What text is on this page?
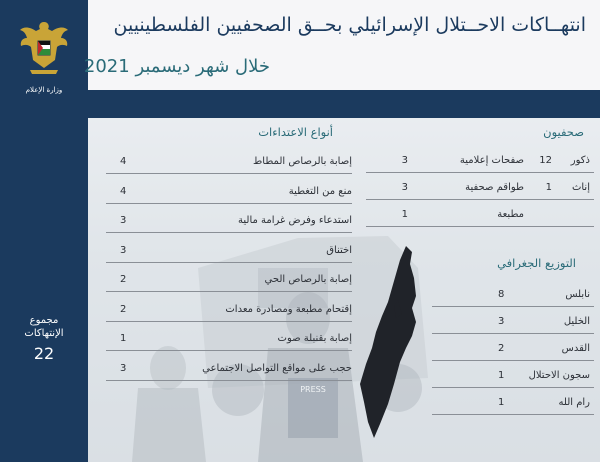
وزارة الإعلام
مجموع
الإنتهاكات
22
انتهــاكات الاحــتلال الإسرائيلي بحــق الصحفيين الفلسطينيين
خلال شهر ديسمبر 2021
PRESS
أنواع الاعتداءات
إصابة بالرصاص المطاط
4
منع من التغطية
4
استدعاء وفرض غرامة مالية
3
اختناق
3
إصابة بالرصاص الحي
2
إقتحام مطبعة ومصادرة معدات
2
إصابة بقنبلة صوت
1
حجب على مواقع التواصل الاجتماعي
3
صحفيون
ذكور
12
صفحات إعلامية
3
إناث
1
طواقم صحفية
3
مطبعة
1
التوزيع الجغرافي
نابلس
8
الخليل
3
القدس
2
سجون الاحتلال
1
رام الله
1
